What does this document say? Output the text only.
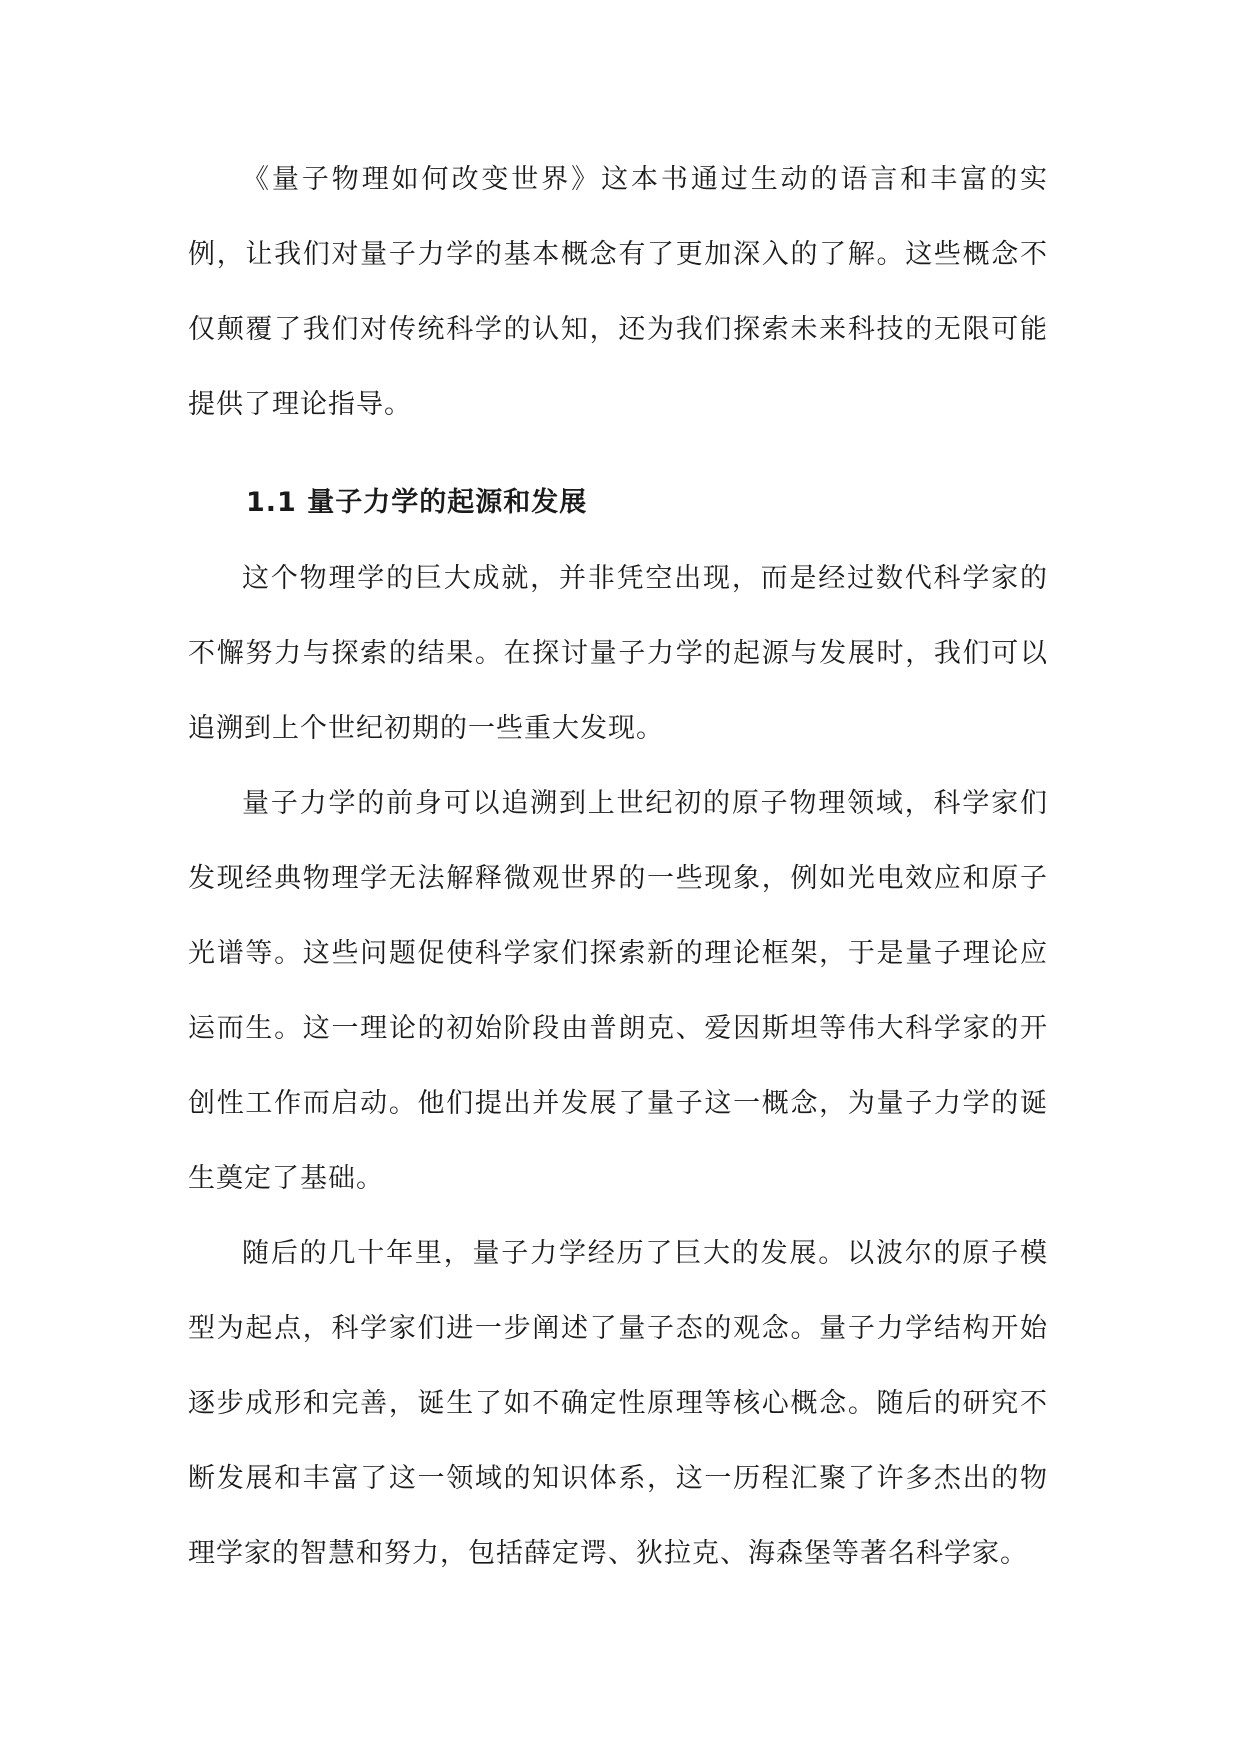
《量子物理如何改变世界》这本书通过生动的语言和丰富的实例，让我们对量子力学的基本概念有了更加深入的了解。这些概念不仅颠覆了我们对传统科学的认知，还为我们探索未来科技的无限可能提供了理论指导。

1.1 量子力学的起源和发展

这个物理学的巨大成就，并非凭空出现，而是经过数代科学家的不懈努力与探索的结果。在探讨量子力学的起源与发展时，我们可以追溯到上个世纪初期的一些重大发现。

量子力学的前身可以追溯到上世纪初的原子物理领域，科学家们发现经典物理学无法解释微观世界的一些现象，例如光电效应和原子光谱等。这些问题促使科学家们探索新的理论框架，于是量子理论应运而生。这一理论的初始阶段由普朗克、爱因斯坦等伟大科学家的开创性工作而启动。他们提出并发展了量子这一概念，为量子力学的诞生奠定了基础。

随后的几十年里，量子力学经历了巨大的发展。以波尔的原子模型为起点，科学家们进一步阐述了量子态的观念。量子力学结构开始逐步成形和完善，诞生了如不确定性原理等核心概念。随后的研究不断发展和丰富了这一领域的知识体系，这一历程汇聚了许多杰出的物理学家的智慧和努力，包括薛定谔、狄拉克、海森堡等著名科学家。
